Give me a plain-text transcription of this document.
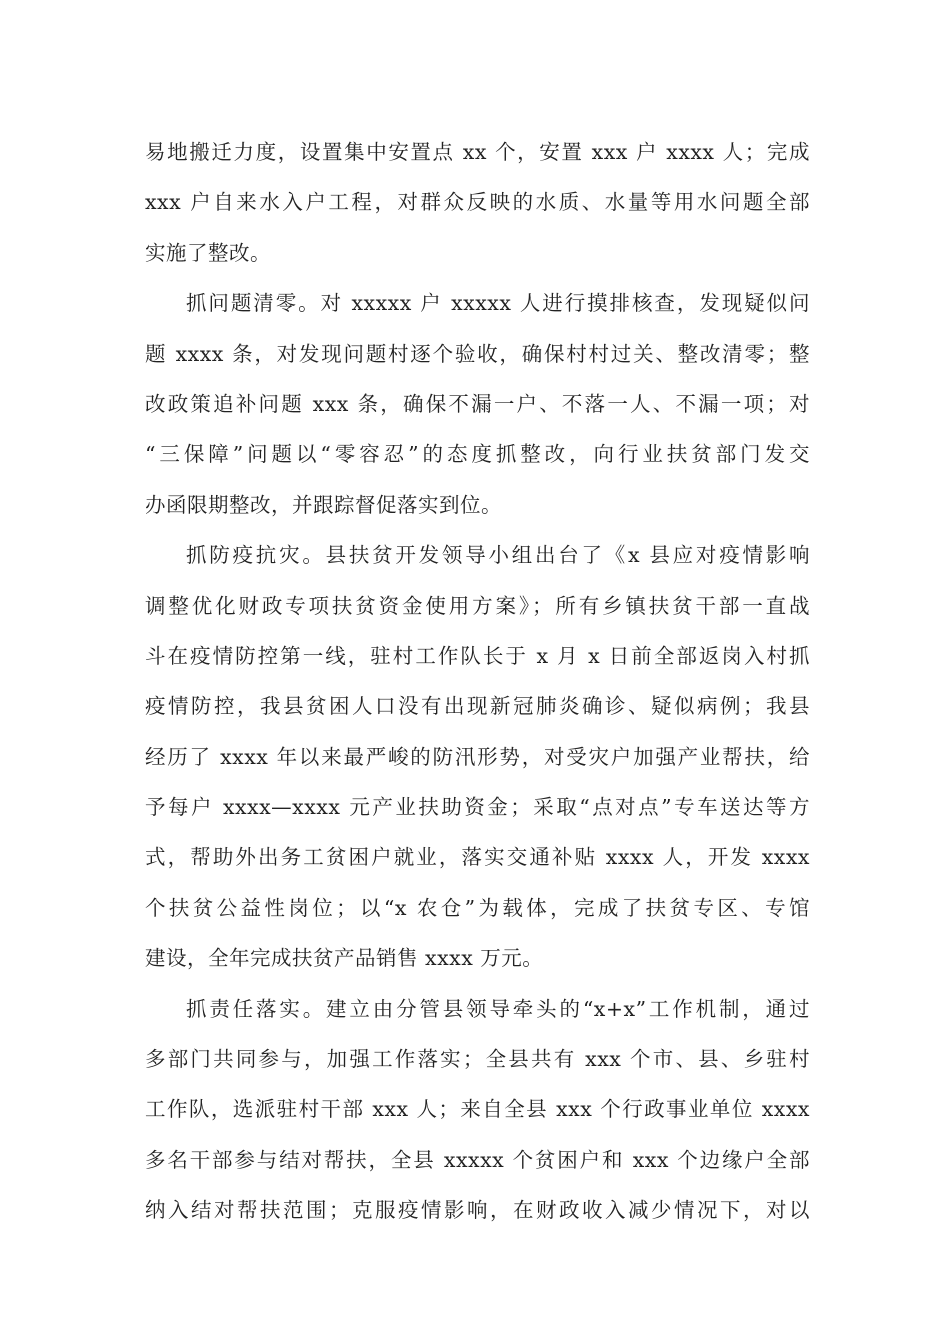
易地搬迁力度，设置集中安置点 xx 个，安置 xxx 户 xxxx 人；完成
xxx 户自来水入户工程，对群众反映的水质、水量等用水问题全部
实施了整改。
抓问题清零。对 xxxxx 户 xxxxx 人进行摸排核查，发现疑似问
题 xxxx 条，对发现问题村逐个验收，确保村村过关、整改清零；整
改政策追补问题 xxx 条，确保不漏一户、不落一人、不漏一项；对
“三保障”问题以“零容忍”的态度抓整改，向行业扶贫部门发交
办函限期整改，并跟踪督促落实到位。
抓防疫抗灾。县扶贫开发领导小组出台了《x 县应对疫情影响
调整优化财政专项扶贫资金使用方案》；所有乡镇扶贫干部一直战
斗在疫情防控第一线，驻村工作队长于 x 月 x 日前全部返岗入村抓
疫情防控，我县贫困人口没有出现新冠肺炎确诊、疑似病例；我县
经历了 xxxx 年以来最严峻的防汛形势，对受灾户加强产业帮扶，给
予每户 xxxx—xxxx 元产业扶助资金；采取“点对点”专车送达等方
式，帮助外出务工贫困户就业，落实交通补贴 xxxx 人，开发 xxxx
个扶贫公益性岗位；以“x 农仓”为载体，完成了扶贫专区、专馆
建设，全年完成扶贫产品销售 xxxx 万元。
抓责任落实。建立由分管县领导牵头的“x+x”工作机制，通过
多部门共同参与，加强工作落实；全县共有 xxx 个市、县、乡驻村
工作队，选派驻村干部 xxx 人；来自全县 xxx 个行政事业单位 xxxx
多名干部参与结对帮扶，全县 xxxxx 个贫困户和 xxx 个边缘户全部
纳入结对帮扶范围；克服疫情影响，在财政收入减少情况下，对以
